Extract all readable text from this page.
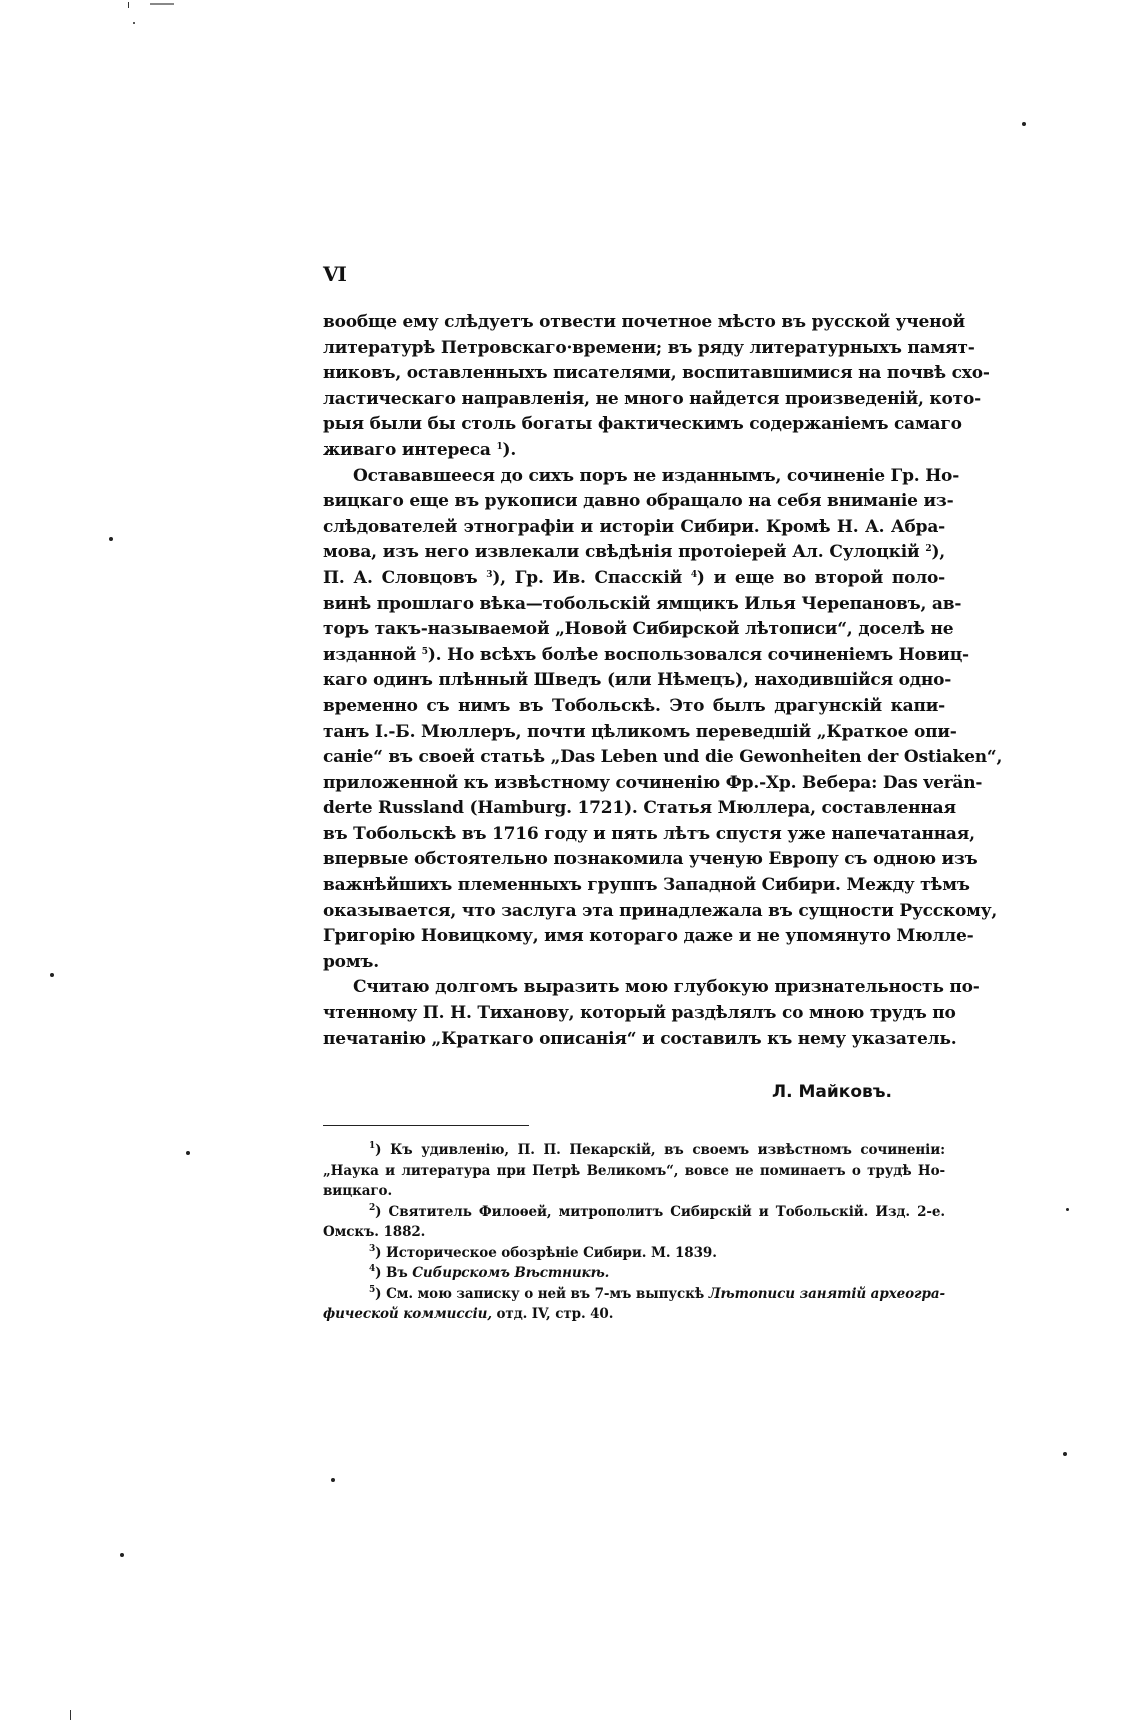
VI
вообще ему слѣдуетъ отвести почетное мѣсто въ русской ученой
литературѣ Петровскаго·времени; въ ряду литературныхъ памят-
никовъ, оставленныхъ писателями, воспитавшимися на почвѣ схо-
ластическаго направленія, не много найдется произведеній, кото-
рыя были бы столь богаты фактическимъ содержаніемъ самаго
живаго интереса $^1$).
Остававшееся до сихъ поръ не изданнымъ, сочиненіе Гр. Но-
вицкаго еще въ рукописи давно обращало на себя вниманіе из-
слѣдователей этнографіи и исторіи Сибири. Кромѣ Н. А. Абра-
мова, изъ него извлекали свѣдѣнія протоіерей Ал. Сулоцкій $^2$),
П. А. Словцовъ $^3$), Гр. Ив. Спасскій $^4$) и еще во второй поло-
винѣ прошлаго вѣка—тобольскій ямщикъ Илья Черепановъ, ав-
торъ такъ-называемой „Новой Сибирской лѣтописи“, доселѣ не
изданной $^5$). Но всѣхъ болѣе воспользовался сочиненіемъ Новиц-
каго одинъ плѣнный Шведъ (или Нѣмецъ), находившійся одно-
временно съ нимъ въ Тобольскѣ. Это былъ драгунскій капи-
танъ І.-Б. Мюллеръ, почти цѣликомъ переведшій „Краткое опи-
саніе“ въ своей статьѣ „Das Leben und die Gewonheiten der Ostiaken“,
приложенной къ извѣстному сочиненію Фр.-Хр. Вебера: Das verän-
derte Russland (Hamburg. 1721). Статья Мюллера, составленная
въ Тобольскѣ въ 1716 году и пять лѣтъ спустя уже напечатанная,
впервые обстоятельно познакомила ученую Европу съ одною изъ
важнѣйшихъ племенныхъ группъ Западной Сибири. Между тѣмъ
оказывается, что заслуга эта принадлежала въ сущности Русскому,
Григорію Новицкому, имя котораго даже и не упомянуто Мюлле-
ромъ.
Считаю долгомъ выразить мою глубокую признательность по-
чтенному П. Н. Тиханову, который раздѣлялъ со мною трудъ по
печатанію „Краткаго описанія“ и составилъ къ нему указатель.
Л. Майковъ.
$^1$) Къ удивленію, П. П. Пекарскій, въ своемъ извѣстномъ сочиненіи:
„Наука и литература при Петрѣ Великомъ“, вовсе не поминаетъ о трудѣ Но-
вицкаго.
$^2$) Святитель Филоѳей, митрополитъ Сибирскій и Тобольскій. Изд. 2-е.
Омскъ. 1882.
$^3$) Историческое обозрѣніе Сибири. М. 1839.
$^4$) Въ Сибирскомъ Вѣстникѣ.
$^5$) См. мою записку о ней въ 7-мъ выпускѣ Лѣтописи занятій археогра-
фической коммиссіи, отд. IV, стр. 40.
